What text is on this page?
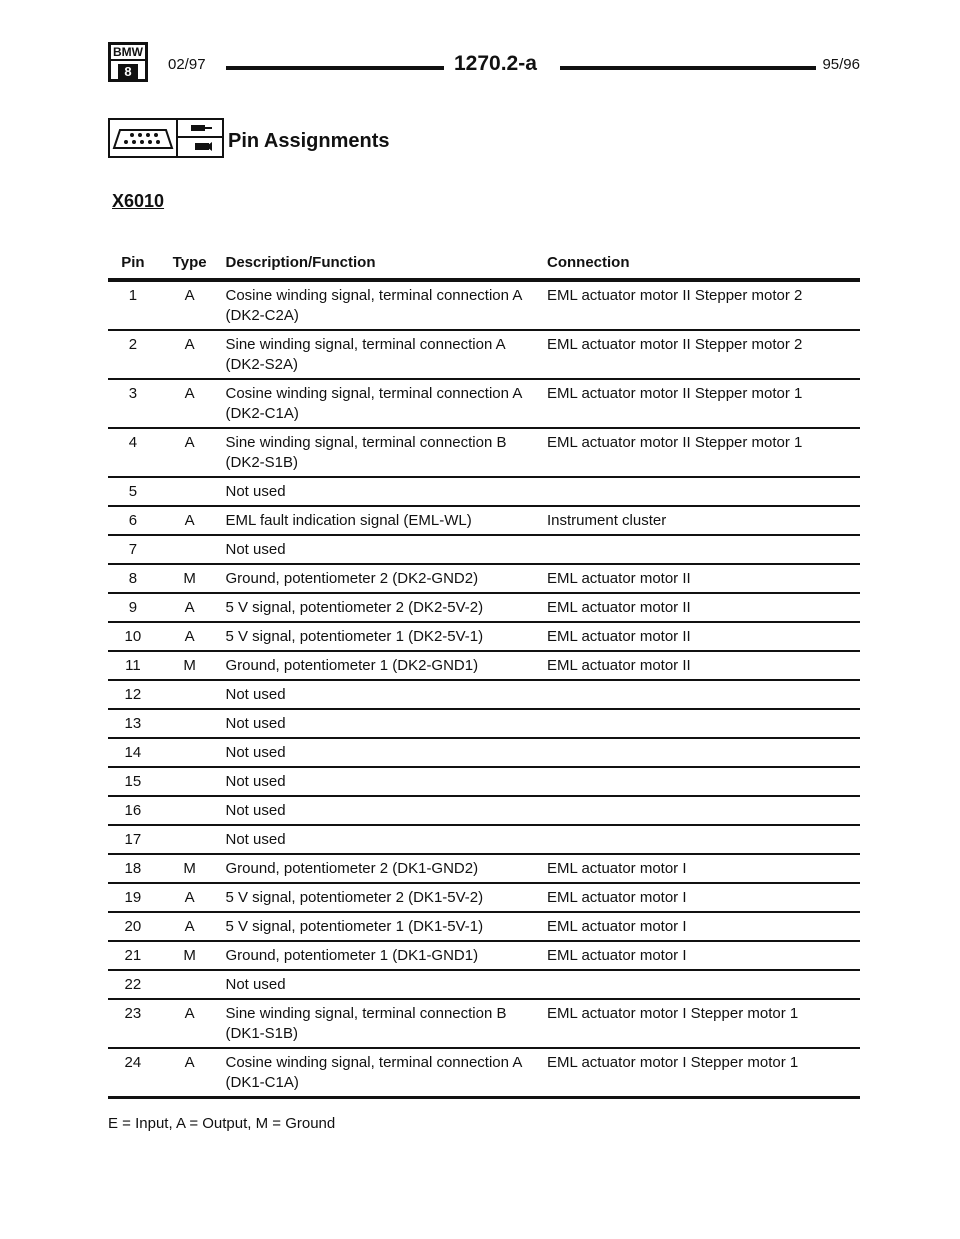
BMW
8	02/97	1270.2-a	95/96
Pin Assignments
X6010
Pin	Type	Description/Function	Connection
1	A	Cosine winding signal, terminal connection A (DK2-C2A)	EML actuator motor II Stepper motor 2
2	A	Sine winding signal, terminal connection A (DK2-S2A)	EML actuator motor II Stepper motor 2
3	A	Cosine winding signal, terminal connection A (DK2-C1A)	EML actuator motor II Stepper motor 1
4	A	Sine winding signal, terminal connection B (DK2-S1B)	EML actuator motor II Stepper motor 1
5		Not used	
6	A	EML fault indication signal (EML-WL)	Instrument cluster
7		Not used	
8	M	Ground, potentiometer 2 (DK2-GND2)	EML actuator motor II
9	A	5 V signal, potentiometer 2 (DK2-5V-2)	EML actuator motor II
10	A	5 V signal, potentiometer 1 (DK2-5V-1)	EML actuator motor II
11	M	Ground, potentiometer 1 (DK2-GND1)	EML actuator motor II
12		Not used	
13		Not used	
14		Not used	
15		Not used	
16		Not used	
17		Not used	
18	M	Ground, potentiometer 2 (DK1-GND2)	EML actuator motor I
19	A	5 V signal, potentiometer 2 (DK1-5V-2)	EML actuator motor I
20	A	5 V signal, potentiometer 1 (DK1-5V-1)	EML actuator motor I
21	M	Ground, potentiometer 1 (DK1-GND1)	EML actuator motor I
22		Not used	
23	A	Sine winding signal, terminal connection B (DK1-S1B)	EML actuator motor I Stepper motor 1
24	A	Cosine winding signal, terminal connection A (DK1-C1A)	EML actuator motor I Stepper motor 1
E = Input, A = Output, M = Ground
